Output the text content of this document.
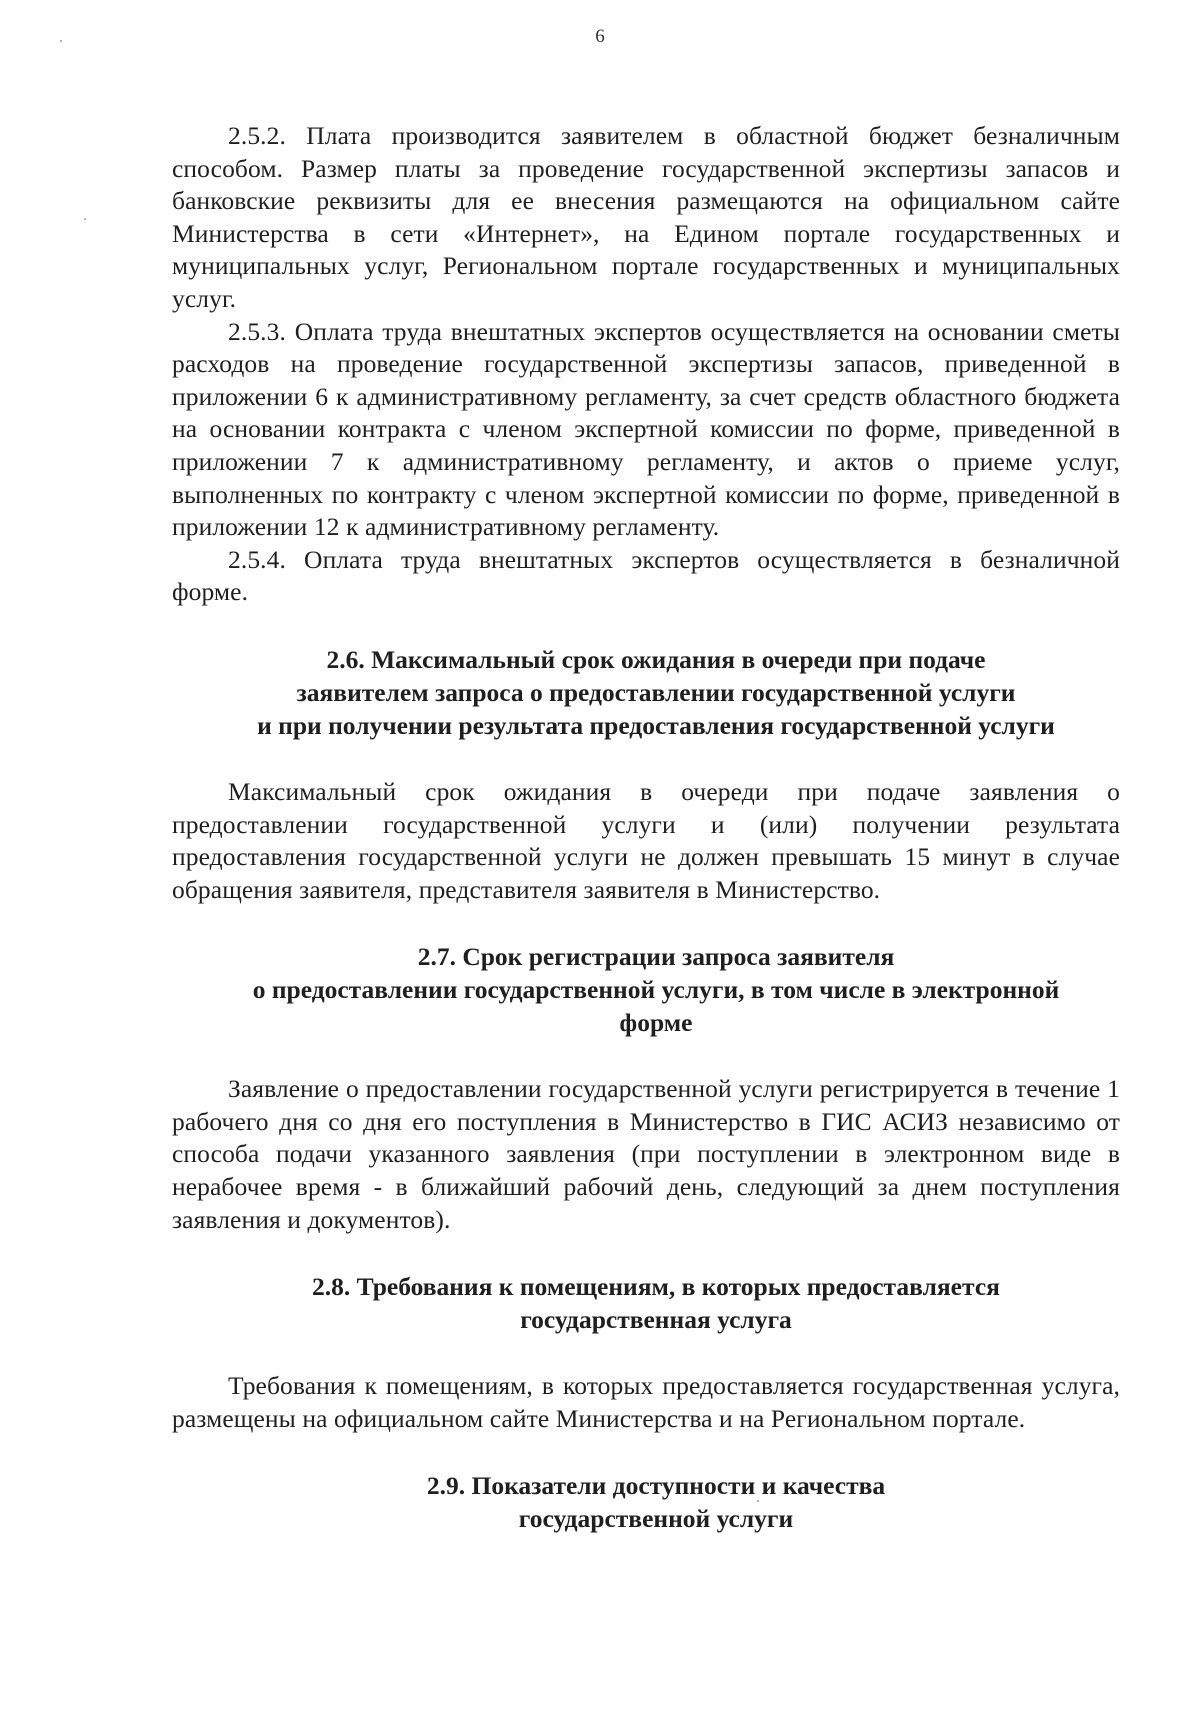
6

2.5.2. Плата производится заявителем в областной бюджет безналичным способом. Размер платы за проведение государственной экспертизы запасов и банковские реквизиты для ее внесения размещаются на официальном сайте Министерства в сети «Интернет», на Едином портале государственных и муниципальных услуг, Региональном портале государственных и муниципальных услуг.

2.5.3. Оплата труда внештатных экспертов осуществляется на основании сметы расходов на проведение государственной экспертизы запасов, приведенной в приложении 6 к административному регламенту, за счет средств областного бюджета на основании контракта с членом экспертной комиссии по форме, приведенной в приложении 7 к административному регламенту, и актов о приеме услуг, выполненных по контракту с членом экспертной комиссии по форме, приведенной в приложении 12 к административному регламенту.

2.5.4. Оплата труда внештатных экспертов осуществляется в безналичной форме.

2.6. Максимальный срок ожидания в очереди при подаче
заявителем запроса о предоставлении государственной услуги
и при получении результата предоставления государственной услуги

Максимальный срок ожидания в очереди при подаче заявления о предоставлении государственной услуги и (или) получении результата предоставления государственной услуги не должен превышать 15 минут в случае обращения заявителя, представителя заявителя в Министерство.

2.7. Срок регистрации запроса заявителя
о предоставлении государственной услуги, в том числе в электронной
форме

Заявление о предоставлении государственной услуги регистрируется в течение 1 рабочего дня со дня его поступления в Министерство в ГИС АСИЗ независимо от способа подачи указанного заявления (при поступлении в электронном виде в нерабочее время - в ближайший рабочий день, следующий за днем поступления заявления и документов).

2.8. Требования к помещениям, в которых предоставляется
государственная услуга

Требования к помещениям, в которых предоставляется государственная услуга, размещены на официальном сайте Министерства и на Региональном портале.

2.9. Показатели доступности и качества
государственной услуги
